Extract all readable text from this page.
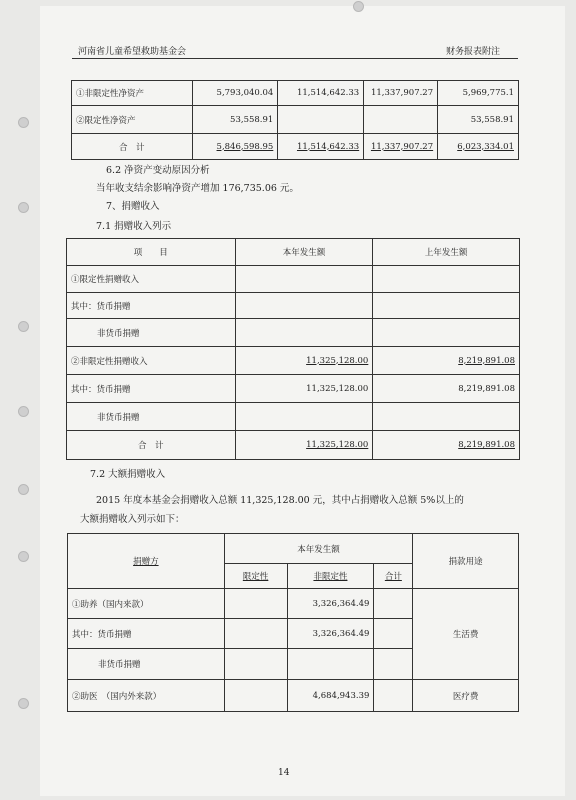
河南省儿童希望救助基金会	财务报表附注
①非限定性净资产	5,793,040.04	11,514,642.33	11,337,907.27	5,969,775.1
②限定性净资产	53,558.91			53,558.91
合　计	5,846,598.95	11,514,642.33	11,337,907.27	6,023,334.01
6.2 净资产变动原因分析
当年收支结余影响净资产增加 176,735.06 元。
7、捐赠收入
7.1 捐赠收入列示
项　　目	本年发生额	上年发生额
①限定性捐赠收入		
其中：货币捐赠		
非货币捐赠		
②非限定性捐赠收入	11,325,128.00	8,219,891.08
其中：货币捐赠	11,325,128.00	8,219,891.08
非货币捐赠		
合　计	11,325,128.00	8,219,891.08
7.2 大额捐赠收入
2015 年度本基金会捐赠收入总额 11,325,128.00 元，其中占捐赠收入总额 5%以上的
大额捐赠收入列示如下：
捐赠方	本年发生额			捐款用途
	限定性	非限定性	合计	
①助养（国内来款）		3,326,364.49		生活费
其中：货币捐赠		3,326,364.49		
非货币捐赠				
②助医　（国内外来款）		4,684,943.39		医疗费
14
